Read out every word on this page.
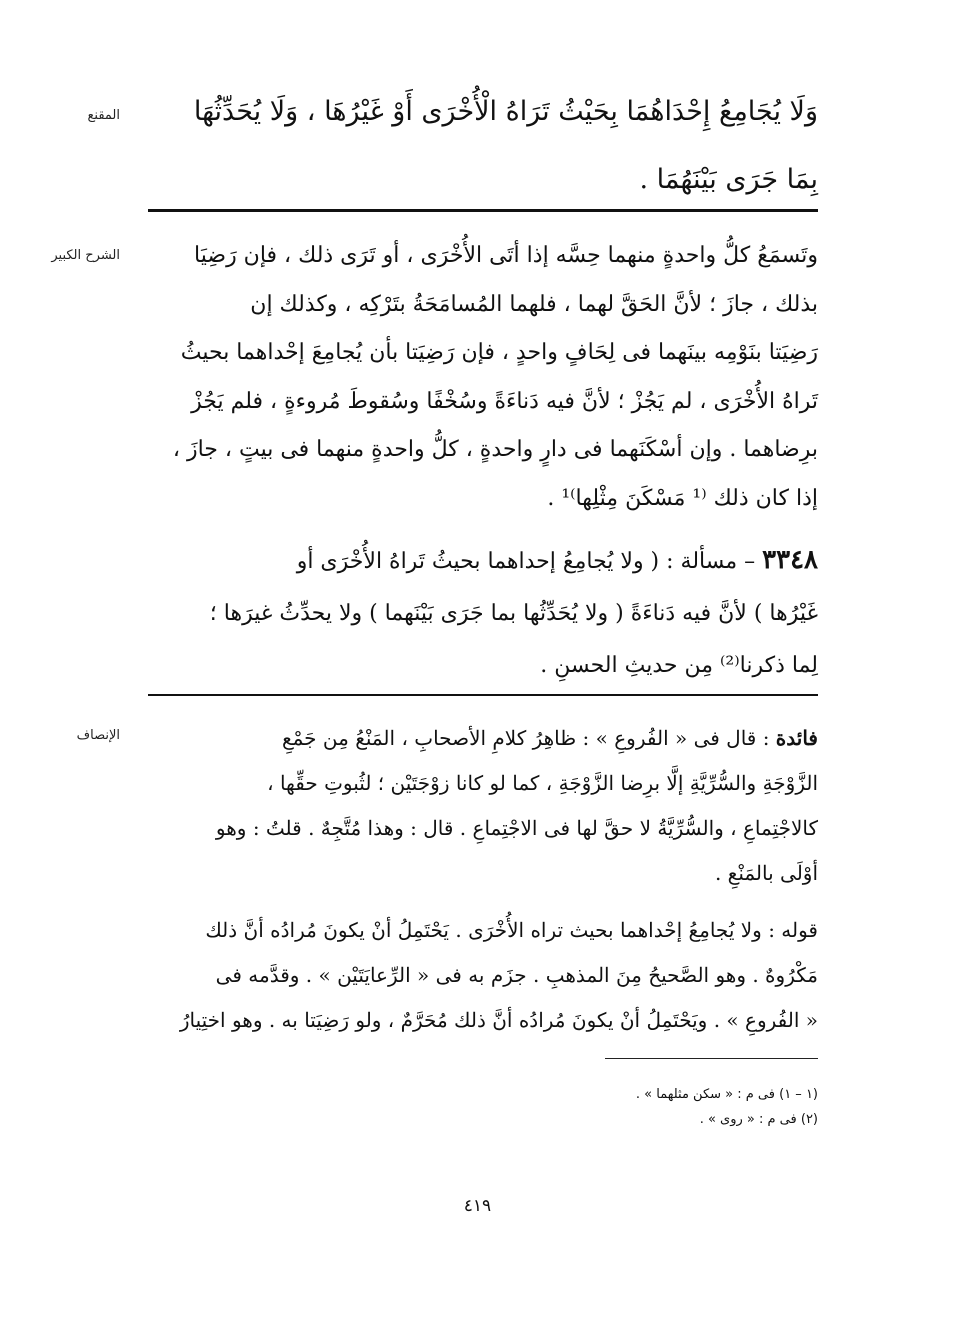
المقنع	وَلَا يُجَامِعُ إِحْدَاهُمَا بِحَيْثُ تَرَاهُ الْأُخْرَى أَوْ غَيْرُهَا ، وَلَا يُحَدِّثُهَا

بِمَا جَرَى بَيْنَهُمَا .

الشرح الكبير	وتَسمَعُ كلُّ واحدةٍ منهما حِسَّه إذا أتَى الأُخْرَى ، أو تَرَى ذلك ، فإن رَضِيَا

بذلك ، جازَ ؛ لأنَّ الحَقَّ لهما ، فلهما المُسامَحَةُ بتَرْكِه ، وكذلك إن

رَضِيَتا بنَوْمِه بينَهما فى لِحَافٍ واحدٍ ، فإن رَضِيَتا بأن يُجامِعَ إحْداهما بحيثُ

تَراهُ الأُخْرَى ، لم يَجُزْ ؛ لأنَّ فيه دَناءَةً وسُخْفًا وسُقوطَ مُروءةٍ ، فلم يَجُزْ

برِضاهما . وإن أسْكَنَهما فى دارٍ واحدةٍ ، كلُّ واحدةٍ منهما فى بيتٍ ، جازَ ،

إذا كان ذلك ⁽¹ مَسْكَنَ مِثْلِها⁾¹ .

٣٣٤٨ – مسألة : ( ولا يُجامِعُ إحداهما بحيثُ تَراهُ الأُخْرَى أو

غَيْرُها ) لأنَّ فيه دَناءَةً ( ولا يُحَدِّثُها بما جَرَى بَيْنَهما ) ولا يحدِّثُ غيرَها ؛

لِما ذكرنا⁽²⁾ مِن حديثِ الحسنِ .

الإنصاف	فائدة : قال فى « الفُروعِ » : ظاهِرُ كلامِ الأصحابِ ، المَنْعُ مِن جَمْعِ

الزَّوْجَةِ والسُّرِّيَّةِ إلَّا برِضا الزَّوْجَةِ ، كما لو كانا زوْجَتَيْن ؛ لثُبوتِ حقِّها ،

كالاجْتِماعِ ، والسُّرِّيَّةُ لا حقَّ لها فى الاجْتِماعِ . قال : وهذا مُتَّجِهٌ . قلتُ : وهو

أوْلَى بالمَنْعِ .

قوله : ولا يُجامِعُ إحْداهما بحيث تراه الأُخْرَى . يَحْتَمِلُ أنْ يكونَ مُرادُه أنَّ ذلك

مَكْرُوهٌ . وهو الصَّحيحُ مِنَ المذهبِ . جزَم به فى « الرِّعايَتَيْن » . وقدَّمه فى

« الفُروعِ » . ويَحْتَمِلُ أنْ يكونَ مُرادُه أنَّ ذلك مُحَرَّمٌ ، ولو رَضِيَتا به . وهو اختِيارُ

(١ – ١) فى م : « سكن مثلهما » .
(٢) فى م : « روى » .
٤١٩
